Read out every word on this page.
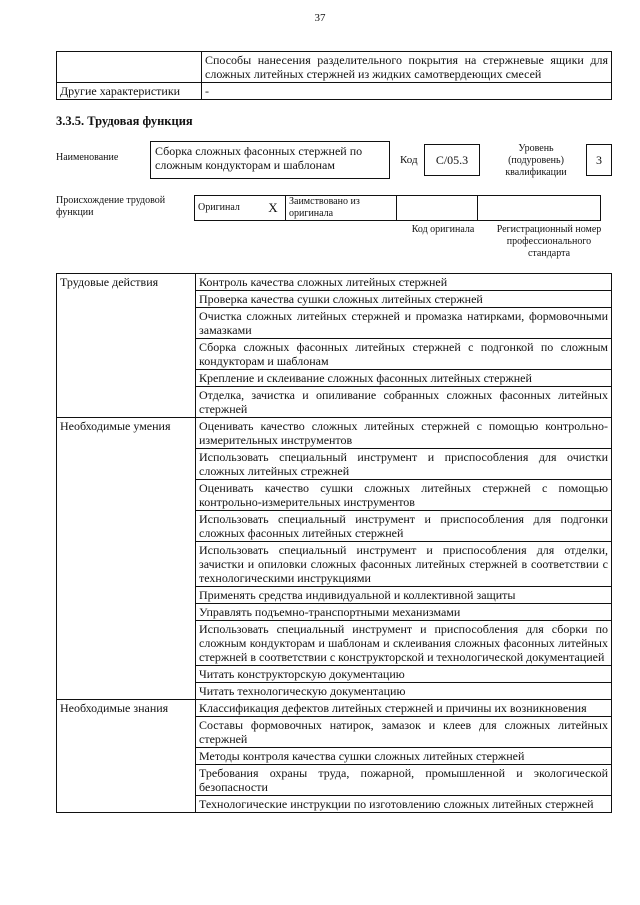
37
	Способы нанесения разделительного покрытия на стержневые ящики для сложных литейных стержней из жидких самотвердеющих смесей
Другие характеристики	-
3.3.5. Трудовая функция
Наименование	Сборка сложных фасонных стержней по сложным кондукторам и шаблонам	Код	C/05.3
Уровень (подуровень) квалификации
3
Происхождение трудовой функции	Оригинал	X	Заимствовано из оригинала		
Код оригинала	Регистрационный номер профессионального стандарта
Трудовые действия	Контроль качества сложных литейных стержней
	Проверка качества сушки сложных литейных стержней
	Очистка сложных литейных стержней и промазка натирками, формовочными замазками
	Сборка сложных фасонных литейных стержней с подгонкой по сложным кондукторам и шаблонам
	Крепление и склеивание сложных фасонных литейных стержней
	Отделка, зачистка и опиливание собранных сложных фасонных литейных стержней
Необходимые умения	Оценивать качество сложных литейных стержней с помощью контрольно-измерительных инструментов
	Использовать специальный инструмент и приспособления для очистки сложных литейных стрежней
	Оценивать качество сушки сложных литейных стержней с помощью контрольно-измерительных инструментов
	Использовать специальный инструмент и приспособления для подгонки сложных фасонных литейных стержней
	Использовать специальный инструмент и приспособления для отделки, зачистки и опиловки сложных фасонных литейных стержней в соответствии с технологическими инструкциями
	Применять средства индивидуальной и коллективной защиты
	Управлять подъемно-транспортными механизмами
	Использовать специальный инструмент и приспособления для сборки по сложным кондукторам и шаблонам и склеивания сложных фасонных литейных стержней в соответствии с конструкторской и технологической документацией
	Читать конструкторскую документацию
	Читать технологическую документацию
Необходимые знания	Классификация дефектов литейных стержней и причины их возникновения
	Составы формовочных натирок, замазок и клеев для сложных литейных стержней
	Методы контроля качества сушки сложных литейных стержней
	Требования охраны труда, пожарной, промышленной и экологической безопасности
	Технологические инструкции по изготовлению сложных литейных стержней
